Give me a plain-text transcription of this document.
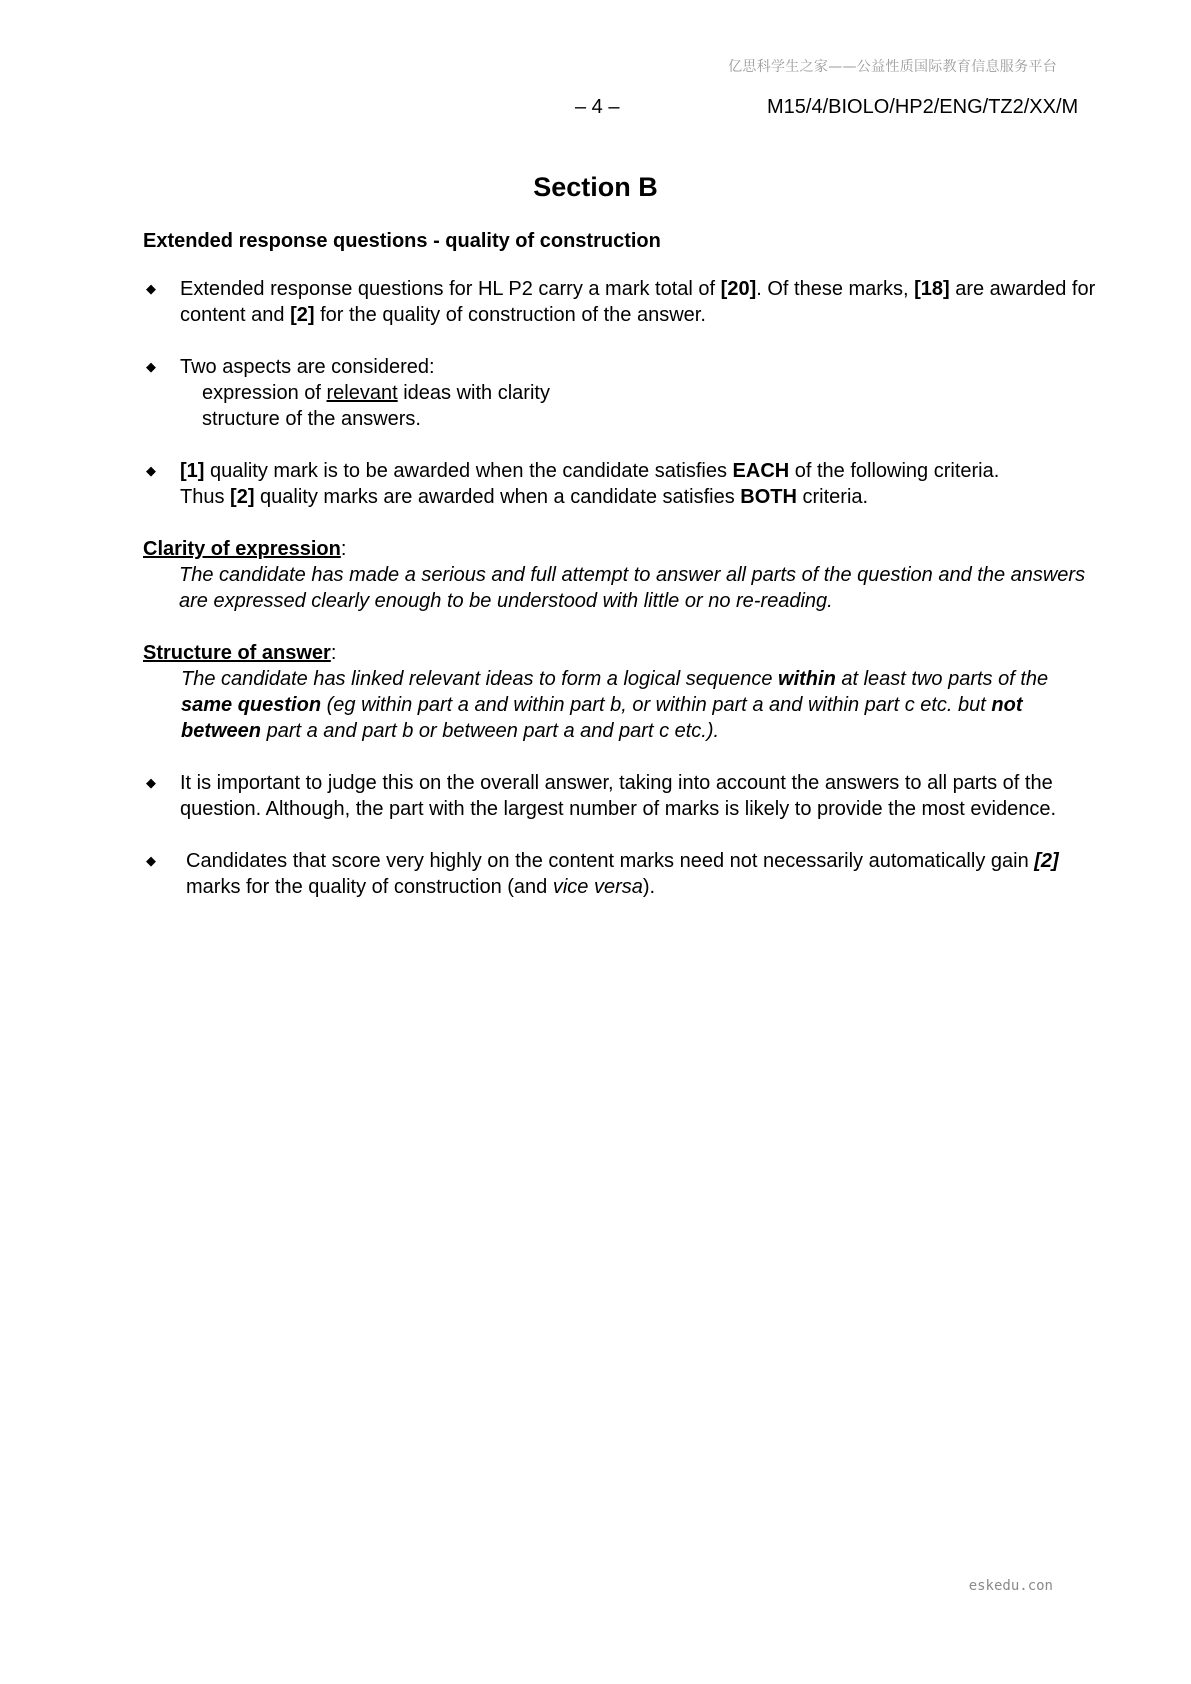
亿思科学生之家——公益性质国际教育信息服务平台
– 4 –	M15/4/BIOLO/HP2/ENG/TZ2/XX/M
Section B

Extended response questions - quality of construction

◆ Extended response questions for HL P2 carry a mark total of [20]. Of these marks, [18] are awarded for content and [2] for the quality of construction of the answer.
◆ Two aspects are considered:
expression of relevant ideas with clarity
structure of the answers.
◆ [1] quality mark is to be awarded when the candidate satisfies EACH of the following criteria.
Thus [2] quality marks are awarded when a candidate satisfies BOTH criteria.

Clarity of expression:

The candidate has made a serious and full attempt to answer all parts of the question and the answers are expressed clearly enough to be understood with little or no re-reading.

Structure of answer:

The candidate has linked relevant ideas to form a logical sequence within at least two parts of the same question (eg within part a and within part b, or within part a and within part c etc. but not between part a and part b or between part a and part c etc.).

◆ It is important to judge this on the overall answer, taking into account the answers to all parts of the question. Although, the part with the largest number of marks is likely to provide the most evidence.
◆ Candidates that score very highly on the content marks need not necessarily automatically gain [2] marks for the quality of construction (and vice versa).
eskedu.con
